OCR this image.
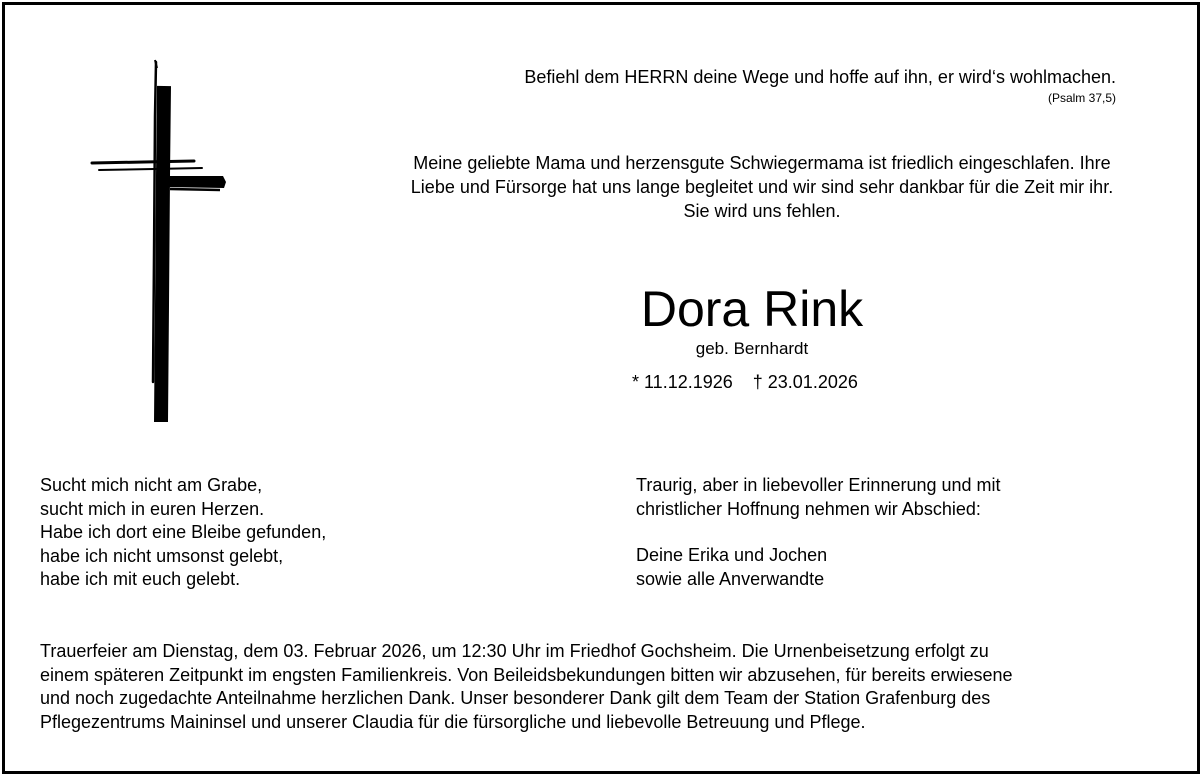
Befiehl dem HERRN deine Wege und hoffe auf ihn, er wird‘s wohlmachen.
(Psalm 37,5)
Meine geliebte Mama und herzensgute Schwiegermama ist friedlich eingeschlafen. Ihre
Liebe und Fürsorge hat uns lange begleitet und wir sind sehr dankbar für die Zeit mir ihr.
Sie wird uns fehlen.
Dora Rink
geb. Bernhardt
* 11.12.1926    † 23.01.2026
Sucht mich nicht am Grabe,
sucht mich in euren Herzen.
Habe ich dort eine Bleibe gefunden,
habe ich nicht umsonst gelebt,
habe ich mit euch gelebt.
Traurig, aber in liebevoller Erinnerung und mit
christlicher Hoffnung nehmen wir Abschied:
Deine Erika und Jochen
sowie alle Anverwandte
Trauerfeier am Dienstag, dem 03. Februar 2026, um 12:30 Uhr im Friedhof Gochsheim. Die Urnenbeisetzung erfolgt zu
einem späteren Zeitpunkt im engsten Familienkreis. Von Beileidsbekundungen bitten wir abzusehen, für bereits erwiesene
und noch zugedachte Anteilnahme herzlichen Dank. Unser besonderer Dank gilt dem Team der Station Grafenburg des
Pflegezentrums Maininsel und unserer Claudia für die fürsorgliche und liebevolle Betreuung und Pflege.
